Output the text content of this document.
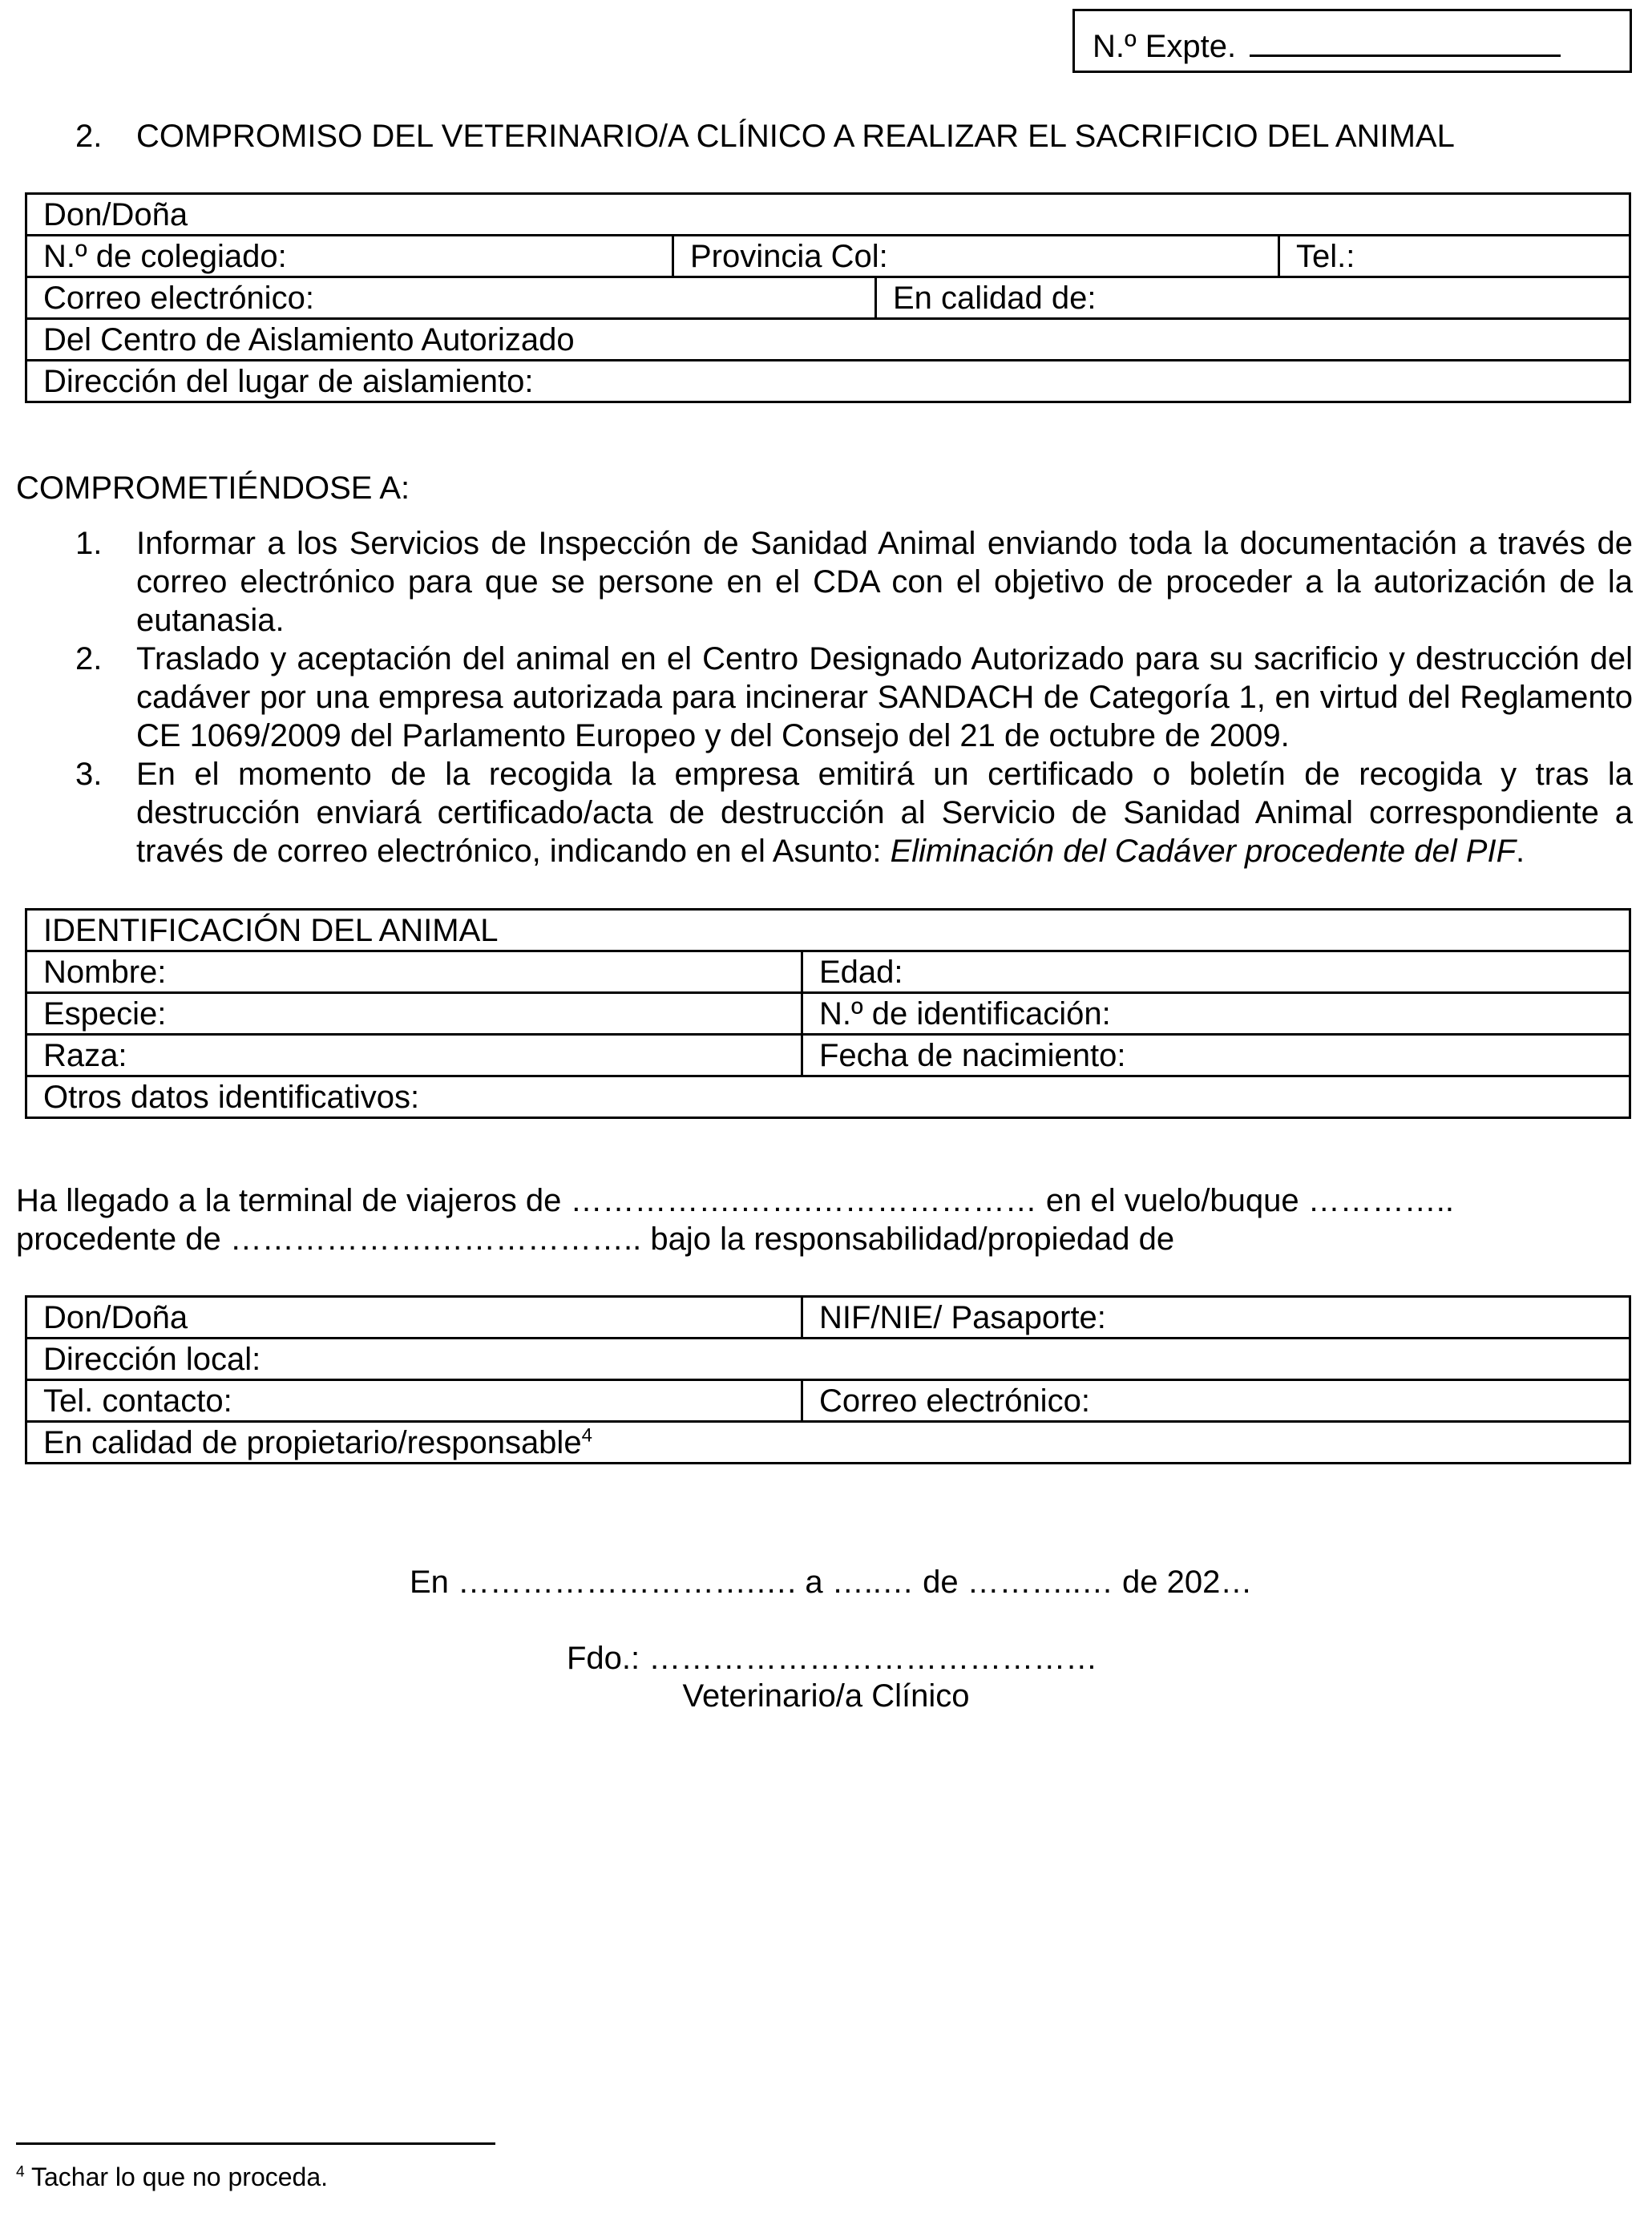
N.º Expte.
2. COMPROMISO DEL VETERINARIO/A CLÍNICO A REALIZAR EL SACRIFICIO DEL ANIMAL
Don/Doña			
N.º de colegiado:	Provincia Col:		Tel.:
Correo electrónico:		En calidad de:	
Del Centro de Aislamiento Autorizado			
Dirección del lugar de aislamiento:			
COMPROMETIÉNDOSE A:
1. Informar a los Servicios de Inspección de Sanidad Animal enviando toda la documentación a través de correo electrónico para que se persone en el CDA con el objetivo de proceder a la autorización de la eutanasia.
2. Traslado y aceptación del animal en el Centro Designado Autorizado para su sacrificio y destrucción del cadáver por una empresa autorizada para incinerar SANDACH de Categoría 1, en virtud del Reglamento CE 1069/2009 del Parlamento Europeo y del Consejo del 21 de octubre de 2009.
3. En el momento de la recogida la empresa emitirá un certificado o boletín de recogida y tras la destrucción enviará certificado/acta de destrucción al Servicio de Sanidad Animal correspondiente a través de correo electrónico, indicando en el Asunto: Eliminación del Cadáver procedente del PIF.
IDENTIFICACIÓN DEL ANIMAL	
Nombre:	Edad:
Especie:	N.º de identificación:
Raza:	Fecha de nacimiento:
Otros datos identificativos:	
Ha llegado a la terminal de viajeros de …………….…….………………… en el vuelo/buque …………..
procedente de ……………….……………….. bajo la responsabilidad/propiedad de
Don/Doña	NIF/NIE/ Pasaporte:
Dirección local:	
Tel. contacto:	Correo electrónico:
En calidad de propietario/responsable$^4$
En ……………………….…. a …..… de ………..… de 202…
Fdo.: ……………………………………
Veterinario/a Clínico
$^4$ Tachar lo que no proceda.
